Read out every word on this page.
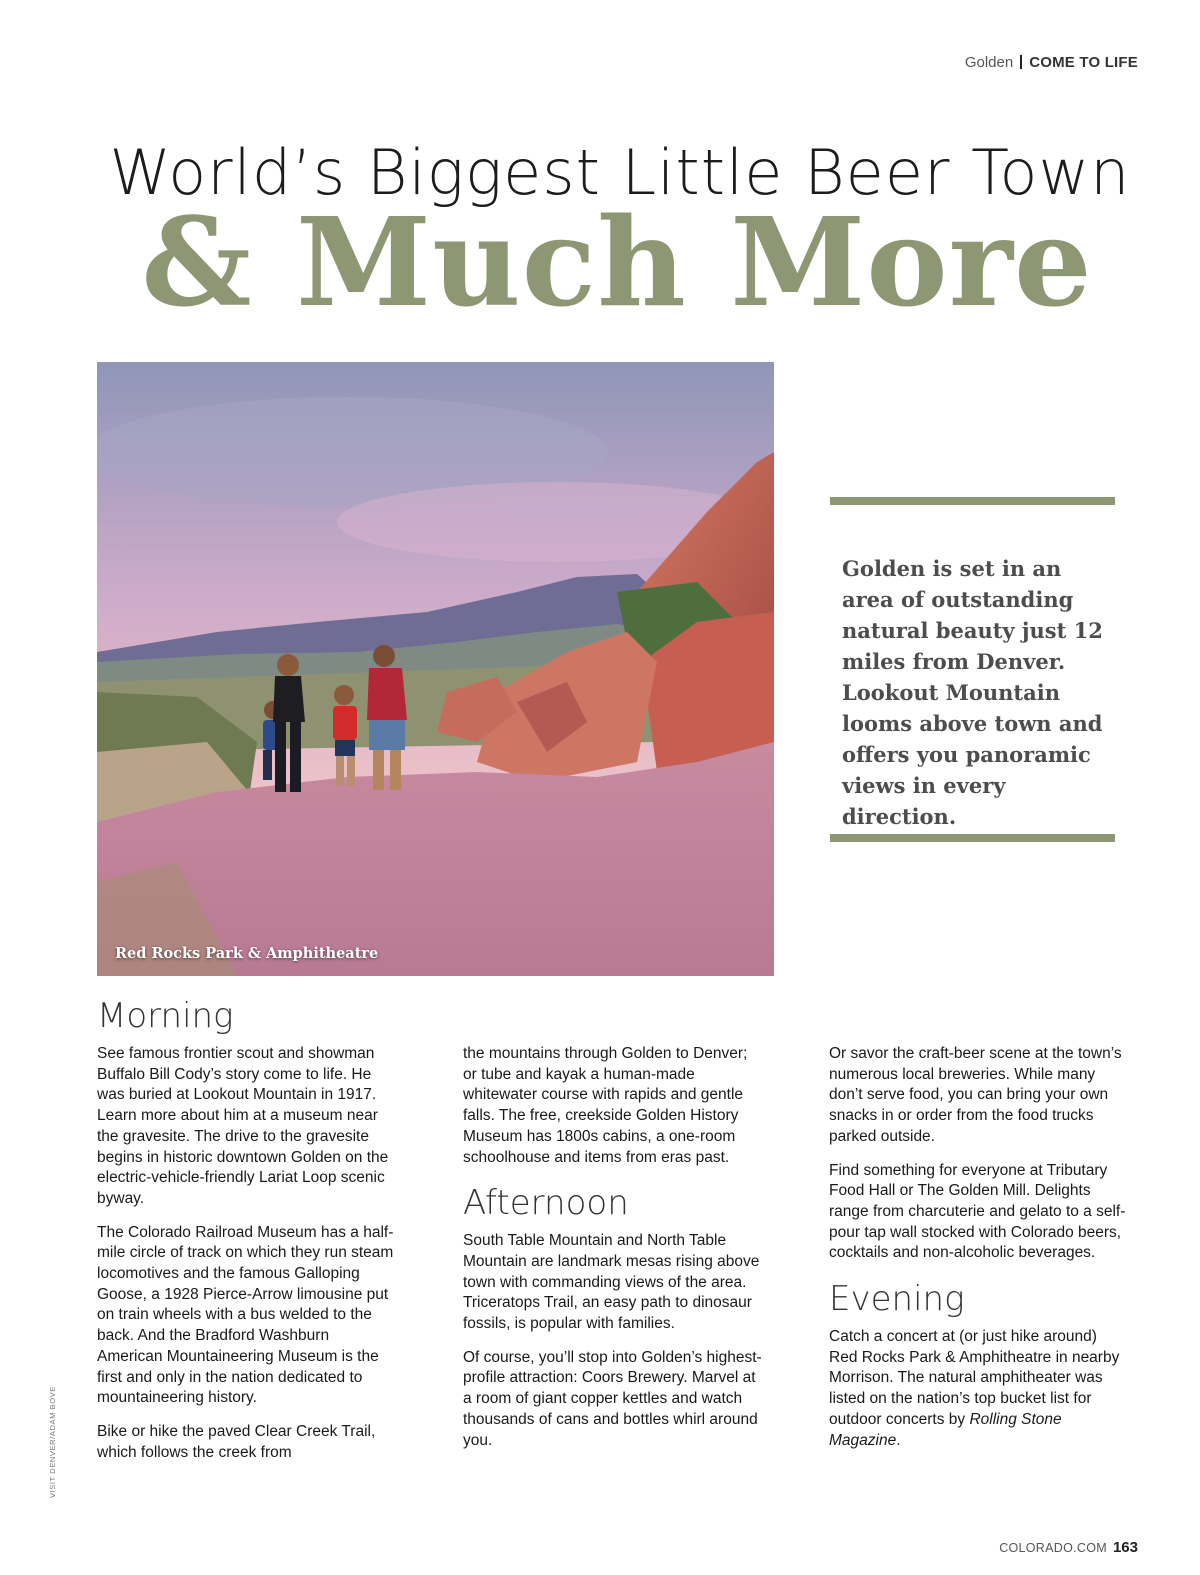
Golden COME TO LIFE
World’s Biggest Little Beer Town
& Much More
Red Rocks Park & Amphitheatre

Golden is set in an area of outstanding natural beauty just 12 miles from Denver. Lookout Mountain looms above town and offers you panoramic views in every direction.

Morning

See famous frontier scout and showman Buffalo Bill Cody’s story come to life. He was buried at Lookout Mountain in 1917. Learn more about him at a museum near the gravesite. The drive to the gravesite begins in historic downtown Golden on the electric-vehicle-friendly Lariat Loop scenic byway.

The Colorado Railroad Museum has a half-mile circle of track on which they run steam locomotives and the famous Galloping Goose, a 1928 Pierce-Arrow limousine put on train wheels with a bus welded to the back. And the Bradford Washburn American Mountaineering Museum is the first and only in the nation dedicated to mountaineering history.

Bike or hike the paved Clear Creek Trail, which follows the creek from

the mountains through Golden to Denver; or tube and kayak a human-made whitewater course with rapids and gentle falls. The free, creekside Golden History Museum has 1800s cabins, a one-room schoolhouse and items from eras past.

Afternoon

South Table Mountain and North Table Mountain are landmark mesas rising above town with commanding views of the area. Triceratops Trail, an easy path to dinosaur fossils, is popular with families.

Of course, you’ll stop into Golden’s highest-profile attraction: Coors Brewery. Marvel at a room of giant copper kettles and watch thousands of cans and bottles whirl around you.

Or savor the craft-beer scene at the town’s numerous local breweries. While many don’t serve food, you can bring your own snacks in or order from the food trucks parked outside.

Find something for everyone at Tributary Food Hall or The Golden Mill. Delights range from charcuterie and gelato to a self-pour tap wall stocked with Colorado beers, cocktails and non-alcoholic beverages.

Evening

Catch a concert at (or just hike around) Red Rocks Park & Amphitheatre in nearby Morrison. The natural amphitheater was listed on the nation’s top bucket list for outdoor concerts by Rolling Stone Magazine.

VISIT DENVER/ADAM BOVE
COLORADO.COM 163
